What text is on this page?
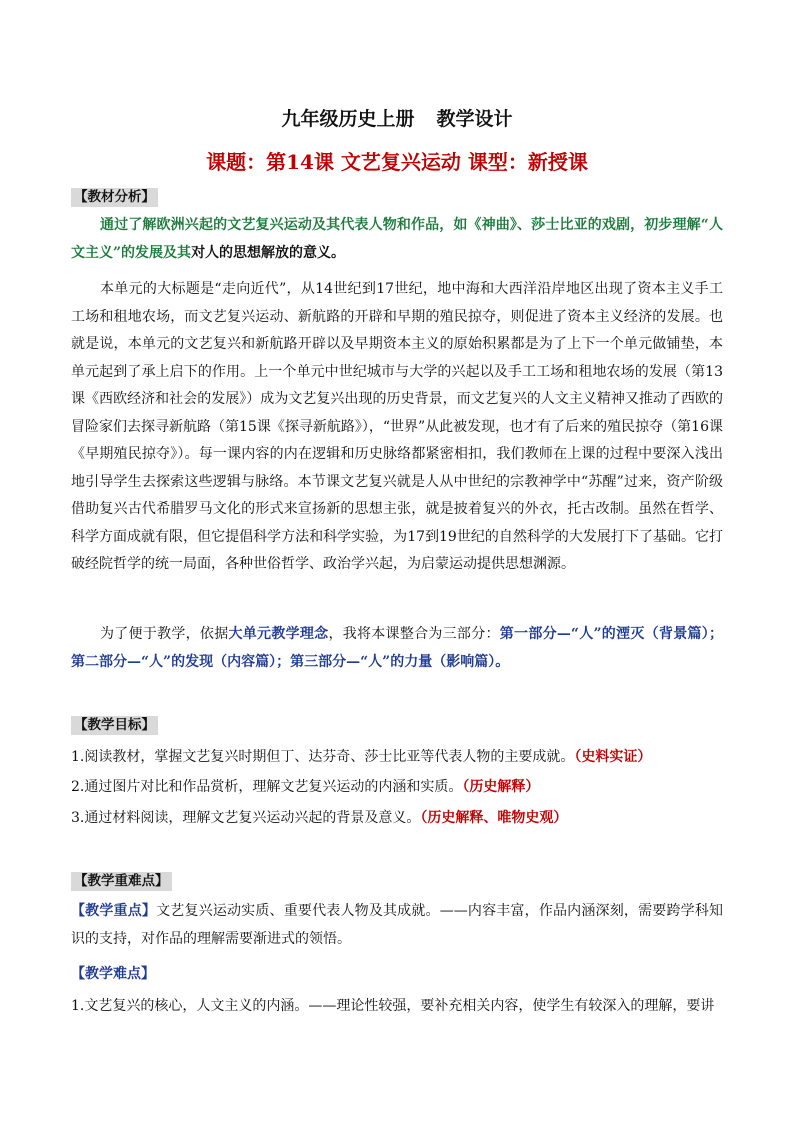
九年级历史上册 教学设计
课题：第14课 文艺复兴运动 课型：新授课
【教材分析】

通过了解欧洲兴起的文艺复兴运动及其代表人物和作品，如《神曲》、莎士比亚的戏剧，初步理解“人文主义”的发展及其对人的思想解放的意义。

本单元的大标题是“走向近代”，从14世纪到17世纪，地中海和大西洋沿岸地区出现了资本主义手工工场和租地农场，而文艺复兴运动、新航路的开辟和早期的殖民掠夺，则促进了资本主义经济的发展。也就是说，本单元的文艺复兴和新航路开辟以及早期资本主义的原始积累都是为了上下一个单元做铺垫，本单元起到了承上启下的作用。上一个单元中世纪城市与大学的兴起以及手工工场和租地农场的发展（第13课《西欧经济和社会的发展》）成为文艺复兴出现的历史背景，而文艺复兴的人文主义精神又推动了西欧的冒险家们去探寻新航路（第15课《探寻新航路》），“世界”从此被发现，也才有了后来的殖民掠夺（第16课《早期殖民掠夺》）。每一课内容的内在逻辑和历史脉络都紧密相扣，我们教师在上课的过程中要深入浅出地引导学生去探索这些逻辑与脉络。本节课文艺复兴就是人从中世纪的宗教神学中“苏醒”过来，资产阶级借助复兴古代希腊罗马文化的形式来宣扬新的思想主张，就是披着复兴的外衣，托古改制。虽然在哲学、科学方面成就有限，但它提倡科学方法和科学实验，为17到19世纪的自然科学的大发展打下了基础。它打破经院哲学的统一局面，各种世俗哲学、政治学兴起，为启蒙运动提供思想渊源。

为了便于教学，依据大单元教学理念，我将本课整合为三部分：第一部分—“人”的湮灭（背景篇）；第二部分—“人”的发现（内容篇）；第三部分—“人”的力量（影响篇）。

【教学目标】
1.阅读教材，掌握文艺复兴时期但丁、达芬奇、莎士比亚等代表人物的主要成就。（史料实证）
2.通过图片对比和作品赏析，理解文艺复兴运动的内涵和实质。（历史解释）
3.通过材料阅读，理解文艺复兴运动兴起的背景及意义。（历史解释、唯物史观）
【教学重难点】

【教学重点】文艺复兴运动实质、重要代表人物及其成就。——内容丰富，作品内涵深刻，需要跨学科知识的支持，对作品的理解需要渐进式的领悟。

【教学难点】
1.文艺复兴的核心，人文主义的内涵。——理论性较强，要补充相关内容，使学生有较深入的理解，要讲
